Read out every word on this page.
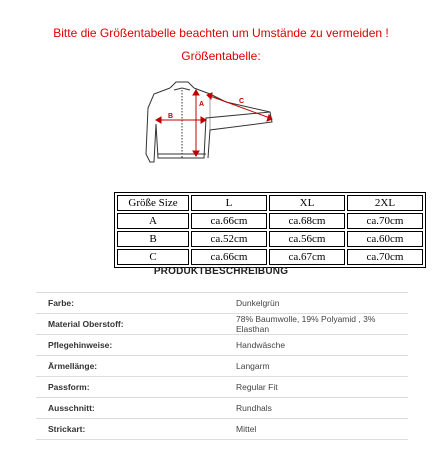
Bitte die Größentabelle beachten um Umstände zu vermeiden !
Größentabelle:
A
B
C
Größe Size	L	XL	2XL
A	ca.66cm	ca.68cm	ca.70cm
B	ca.52cm	ca.56cm	ca.60cm
C	ca.66cm	ca.67cm	ca.70cm
PRODUKTBESCHREIBUNG
Farbe:	Dunkelgrün
Material Oberstoff:	78% Baumwolle, 19% Polyamid , 3% Elasthan
Pflegehinweise:	Handwäsche
Ärmellänge:	Langarm
Passform:	Regular Fit
Ausschnitt:	Rundhals
Strickart:	Mittel
